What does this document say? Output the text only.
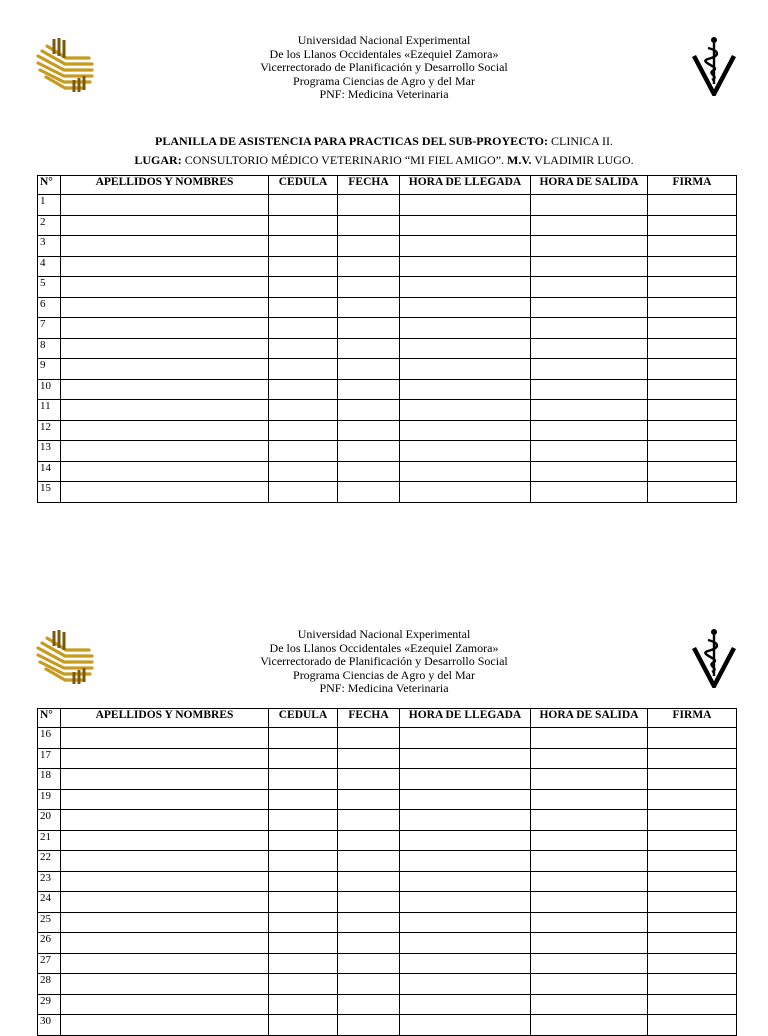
Universidad Nacional Experimental
De los Llanos Occidentales «Ezequiel Zamora»
Vicerrectorado de Planificación y Desarrollo Social
Programa Ciencias de Agro y del Mar
PNF: Medicina Veterinaria
PLANILLA DE ASISTENCIA PARA PRACTICAS DEL SUB-PROYECTO: CLINICA II.
LUGAR: CONSULTORIO MÉDICO VETERINARIO “MI FIEL AMIGO”. M.V. VLADIMIR LUGO.
N°	APELLIDOS Y NOMBRES	CEDULA	FECHA	HORA DE LLEGADA	HORA DE SALIDA	FIRMA
1						
2						
3						
4						
5						
6						
7						
8						
9						
10						
11						
12						
13						
14						
15						
Universidad Nacional Experimental
De los Llanos Occidentales «Ezequiel Zamora»
Vicerrectorado de Planificación y Desarrollo Social
Programa Ciencias de Agro y del Mar
PNF: Medicina Veterinaria
N°	APELLIDOS Y NOMBRES	CEDULA	FECHA	HORA DE LLEGADA	HORA DE SALIDA	FIRMA
16						
17						
18						
19						
20						
21						
22						
23						
24						
25						
26						
27						
28						
29						
30						
